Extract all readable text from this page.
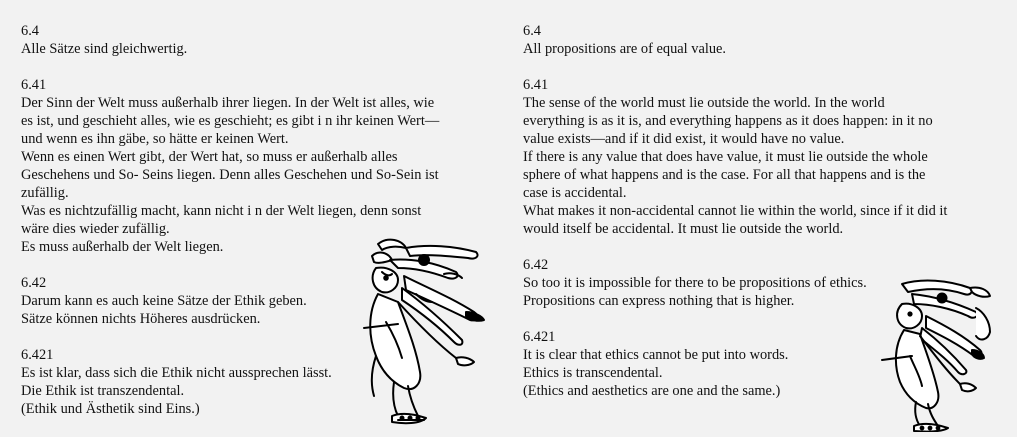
6.4
Alle Sätze sind gleichwertig.
6.41
Der Sinn der Welt muss außerhalb ihrer liegen. In der Welt ist alles, wie
es ist, und geschieht alles, wie es geschieht; es gibt i n ihr keinen Wert—
und wenn es ihn gäbe, so hätte er keinen Wert.
Wenn es einen Wert gibt, der Wert hat, so muss er außerhalb alles
Geschehens und So- Seins liegen. Denn alles Geschehen und So-Sein ist
zufällig.
Was es nichtzufällig macht, kann nicht i n der Welt liegen, denn sonst
wäre dies wieder zufällig.
Es muss außerhalb der Welt liegen.
6.42
Darum kann es auch keine Sätze der Ethik geben.
Sätze können nichts Höheres ausdrücken.
6.421
Es ist klar, dass sich die Ethik nicht aussprechen lässt.
Die Ethik ist transzendental.
(Ethik und Ästhetik sind Eins.)
6.4
All propositions are of equal value.
6.41
The sense of the world must lie outside the world. In the world
everything is as it is, and everything happens as it does happen: in it no
value exists—and if it did exist, it would have no value.
If there is any value that does have value, it must lie outside the whole
sphere of what happens and is the case. For all that happens and is the
case is accidental.
What makes it non-accidental cannot lie within the world, since if it did it
would itself be accidental. It must lie outside the world.
6.42
So too it is impossible for there to be propositions of ethics.
Propositions can express nothing that is higher.
6.421
It is clear that ethics cannot be put into words.
Ethics is transcendental.
(Ethics and aesthetics are one and the same.)
